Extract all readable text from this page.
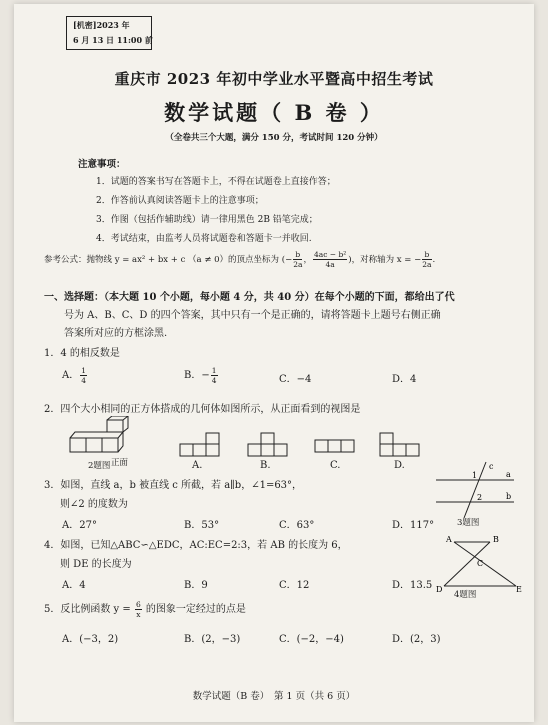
[机密]2023 年
6 月 13 日 11:00 前
重庆市 2023 年初中学业水平暨高中招生考试
数学试题（ B 卷 ）
（全卷共三个大题，满分 150 分，考试时间 120 分钟）
注意事项：
1．试题的答案书写在答题卡上，不得在试题卷上直接作答；
2．作答前认真阅读答题卡上的注意事项；
3．作图（包括作辅助线）请一律用黑色 2B 铅笔完成；
4．考试结束，由监考人员将试题卷和答题卡一并收回.
参考公式：抛物线 y = ax² + bx + c （a ≠ 0）的顶点坐标为 (− $\frac{b}{2a}$ ， $\frac{\text{4ac − b²}}{4a}$ )，对称轴为 x = − $\frac{b}{2a}$ .
一、选择题：（本大题 10 个小题，每小题 4 分，共 40 分）在每个小题的下面，都给出了代
号为 A、B、C、D 的四个答案，其中只有一个是正确的，请将答题卡上题号右侧正确
答案所对应的方框涂黑.
1．4 的相反数是
A． $\frac{1}{4}$	B．− $\frac{1}{4}$	C．−4	D．4
2．四个大小相同的正方体搭成的几何体如图所示，从正面看到的视图是
正面
2题图	A.	B.	C.	D.
3．如图，直线 a，b 被直线 c 所截，若 a∥b，∠1=63°，
则∠2 的度数为
A．27°	B．53°	C．63°	D．117°
c
a
b
1
2
3题图
4．如图，已知△ABC∽△EDC，AC:EC=2:3，若 AB 的长度为 6，
则 DE 的长度为
A．4	B．9	C．12	D．13.5
A	B
C
D	E
4题图
5．反比例函数 $y = \frac{6}{x}$ 的图象一定经过的点是
A．(−3，2)	B．(2，−3)	C．(−2，−4)	D．(2，3)
数学试题（B 卷）　第 1 页（共 6 页）
